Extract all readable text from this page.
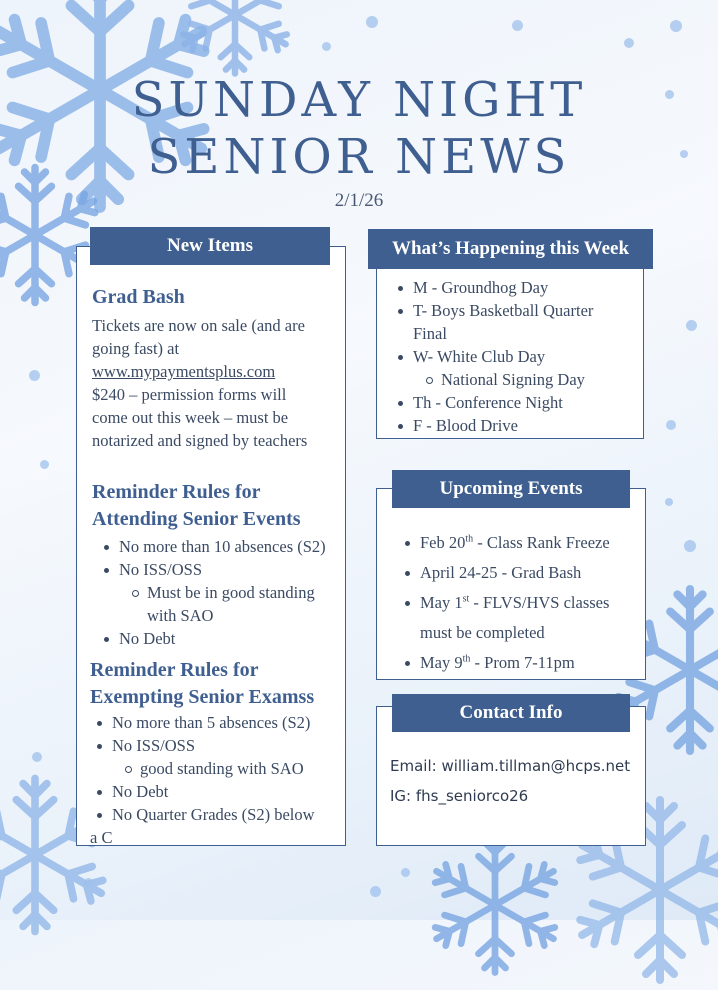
SUNDAY NIGHT
SENIOR NEWS
2/1/26
New Items
Grad Bash
Tickets are now on sale (and are
going fast) at
www.mypaymentsplus.com
$240 – permission forms will
come out this week – must be
notarized and signed by teachers
Reminder Rules for
Attending Senior Events
No more than 10 absences (S2)
No ISS/OSS
Must be in good standing
with SAO
No Debt
Reminder Rules for
Exempting Senior Examss
No more than 5 absences (S2)
No ISS/OSS
good standing with SAO
No Debt
No Quarter Grades (S2) below
a C
What’s Happening this Week
M - Groundhog Day
T- Boys Basketball Quarter
Final
W- White Club Day
National Signing Day
Th - Conference Night
F - Blood Drive
Upcoming Events
Feb 20th - Class Rank Freeze
April 24-25 - Grad Bash
May 1st - FLVS/HVS classes
must be completed
May 9th - Prom 7-11pm
Contact Info
Email: william.tillman@hcps.net
IG: fhs_seniorco26
